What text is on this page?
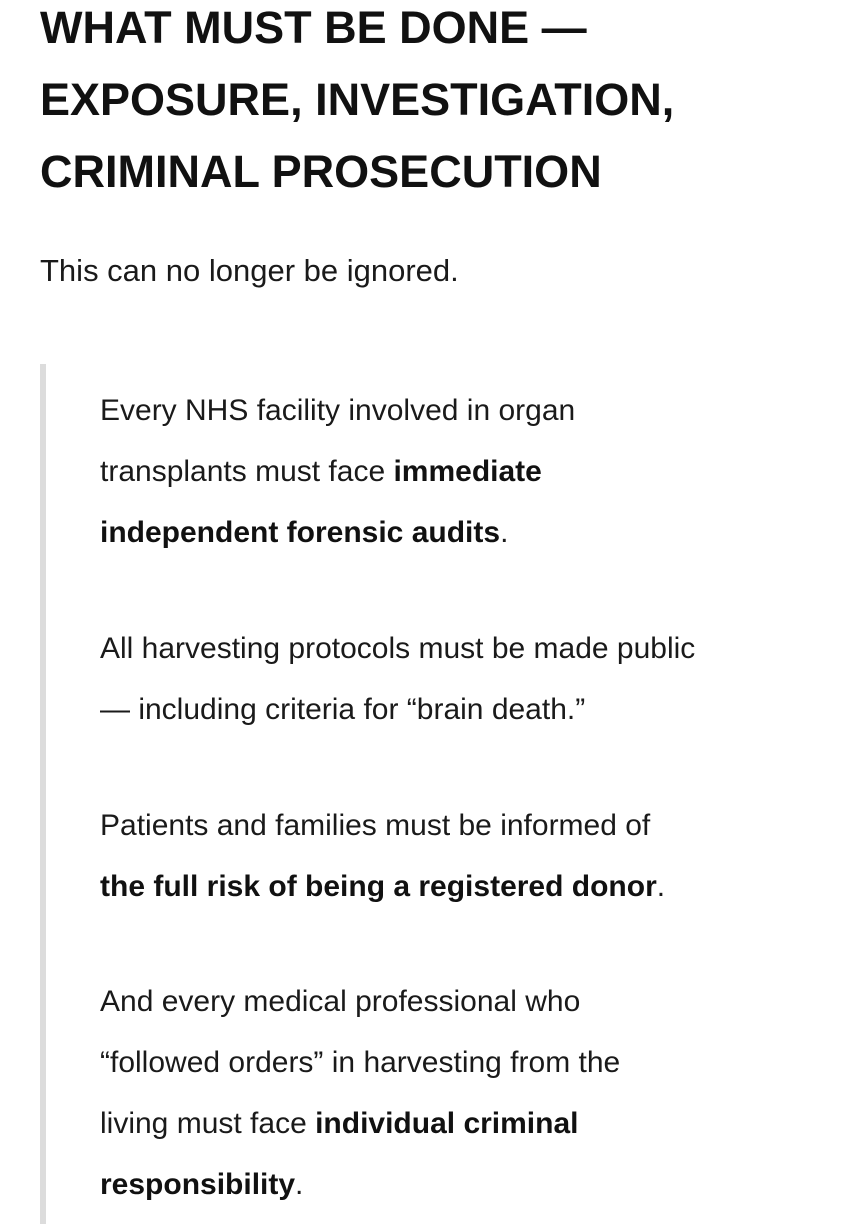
WHAT MUST BE DONE —
EXPOSURE, INVESTIGATION,
CRIMINAL PROSECUTION

This can no longer be ignored.

Every NHS facility involved in organ
transplants must face immediate
independent forensic audits.

All harvesting protocols must be made public
— including criteria for “brain death.”

Patients and families must be informed of
the full risk of being a registered donor.

And every medical professional who
“followed orders” in harvesting from the
living must face individual criminal
responsibility.
